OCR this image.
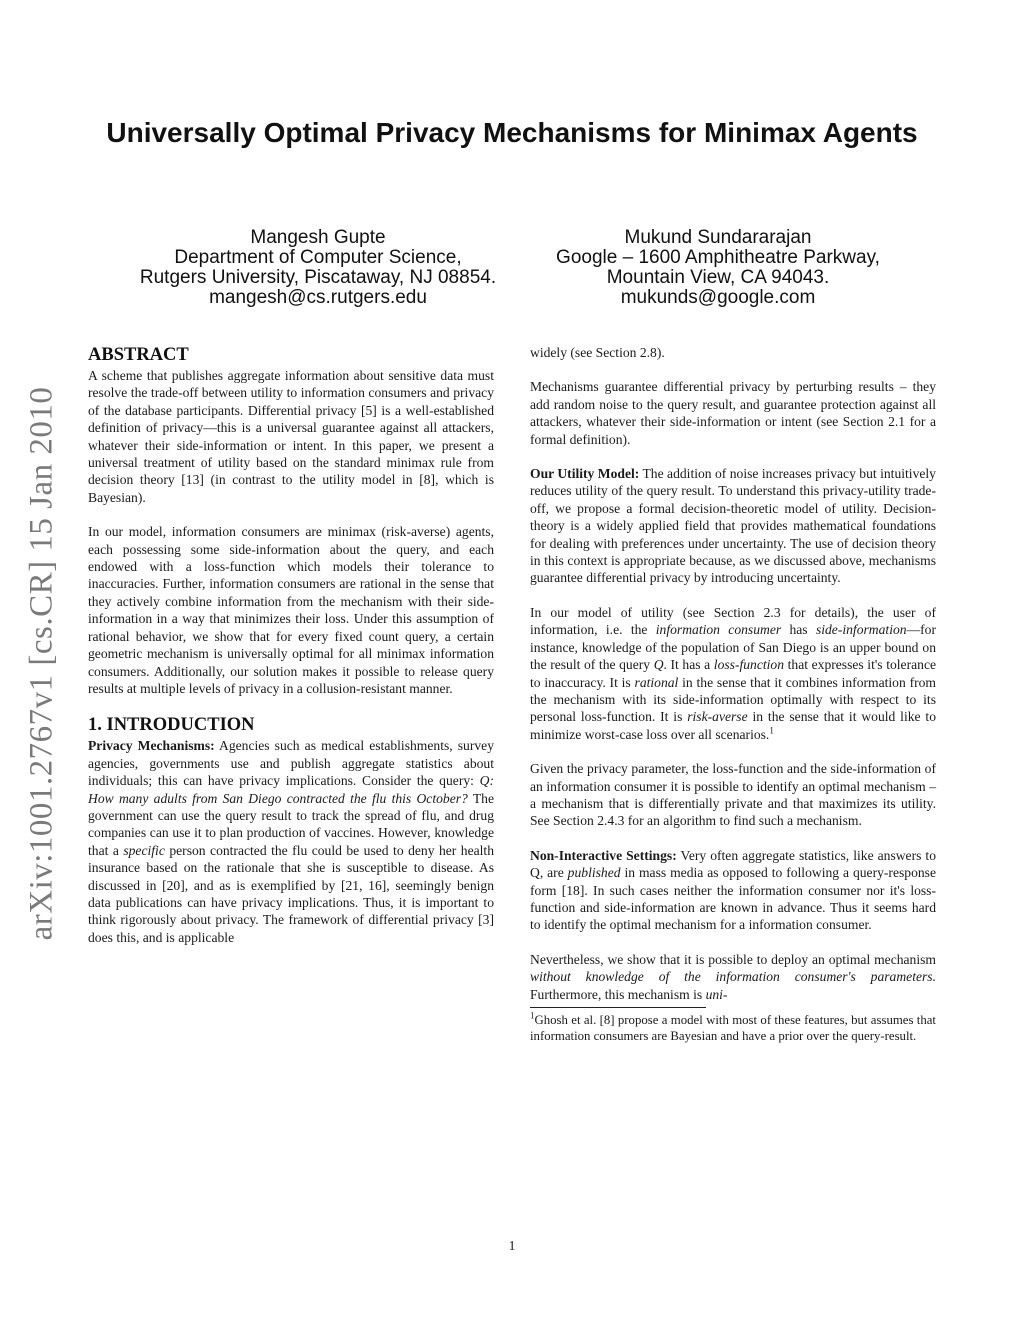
arXiv:1001.2767v1 [cs.CR] 15 Jan 2010
Universally Optimal Privacy Mechanisms for Minimax Agents
Mangesh Gupte
Department of Computer Science,
Rutgers University, Piscataway, NJ 08854.
mangesh@cs.rutgers.edu
Mukund Sundararajan
Google – 1600 Amphitheatre Parkway,
Mountain View, CA 94043.
mukunds@google.com
ABSTRACT

A scheme that publishes aggregate information about sensitive data must resolve the trade-off between utility to information consumers and privacy of the database participants. Differential privacy [5] is a well-established definition of privacy—this is a universal guarantee against all attackers, whatever their side-information or intent. In this paper, we present a universal treatment of utility based on the standard minimax rule from decision theory [13] (in contrast to the utility model in [8], which is Bayesian).

In our model, information consumers are minimax (risk-averse) agents, each possessing some side-information about the query, and each endowed with a loss-function which models their tolerance to inaccuracies. Further, information consumers are rational in the sense that they actively combine information from the mechanism with their side-information in a way that minimizes their loss. Under this assumption of rational behavior, we show that for every fixed count query, a certain geometric mechanism is universally optimal for all minimax information consumers. Additionally, our solution makes it possible to release query results at multiple levels of privacy in a collusion-resistant manner.

1. INTRODUCTION

Privacy Mechanisms: Agencies such as medical establishments, survey agencies, governments use and publish aggregate statistics about individuals; this can have privacy implications. Consider the query: Q: How many adults from San Diego contracted the flu this October? The government can use the query result to track the spread of flu, and drug companies can use it to plan production of vaccines. However, knowledge that a specific person contracted the flu could be used to deny her health insurance based on the rationale that she is susceptible to disease. As discussed in [20], and as is exemplified by [21, 16], seemingly benign data publications can have privacy implications. Thus, it is important to think rigorously about privacy. The framework of differential privacy [3] does this, and is applicable

widely (see Section 2.8).

Mechanisms guarantee differential privacy by perturbing results – they add random noise to the query result, and guarantee protection against all attackers, whatever their side-information or intent (see Section 2.1 for a formal definition).

Our Utility Model: The addition of noise increases privacy but intuitively reduces utility of the query result. To understand this privacy-utility trade-off, we propose a formal decision-theoretic model of utility. Decision-theory is a widely applied field that provides mathematical foundations for dealing with preferences under uncertainty. The use of decision theory in this context is appropriate because, as we discussed above, mechanisms guarantee differential privacy by introducing uncertainty.

In our model of utility (see Section 2.3 for details), the user of information, i.e. the information consumer has side-information—for instance, knowledge of the population of San Diego is an upper bound on the result of the query Q. It has a loss-function that expresses it's tolerance to inaccuracy. It is rational in the sense that it combines information from the mechanism with its side-information optimally with respect to its personal loss-function. It is risk-averse in the sense that it would like to minimize worst-case loss over all scenarios.$^1$

Given the privacy parameter, the loss-function and the side-information of an information consumer it is possible to identify an optimal mechanism – a mechanism that is differentially private and that maximizes its utility. See Section 2.4.3 for an algorithm to find such a mechanism.

Non-Interactive Settings: Very often aggregate statistics, like answers to Q, are published in mass media as opposed to following a query-response form [18]. In such cases neither the information consumer nor it's loss-function and side-information are known in advance. Thus it seems hard to identify the optimal mechanism for a information consumer.

Nevertheless, we show that it is possible to deploy an optimal mechanism without knowledge of the information consumer's parameters. Furthermore, this mechanism is uni-

$^1$Ghosh et al. [8] propose a model with most of these features, but assumes that information consumers are Bayesian and have a prior over the query-result.

1
